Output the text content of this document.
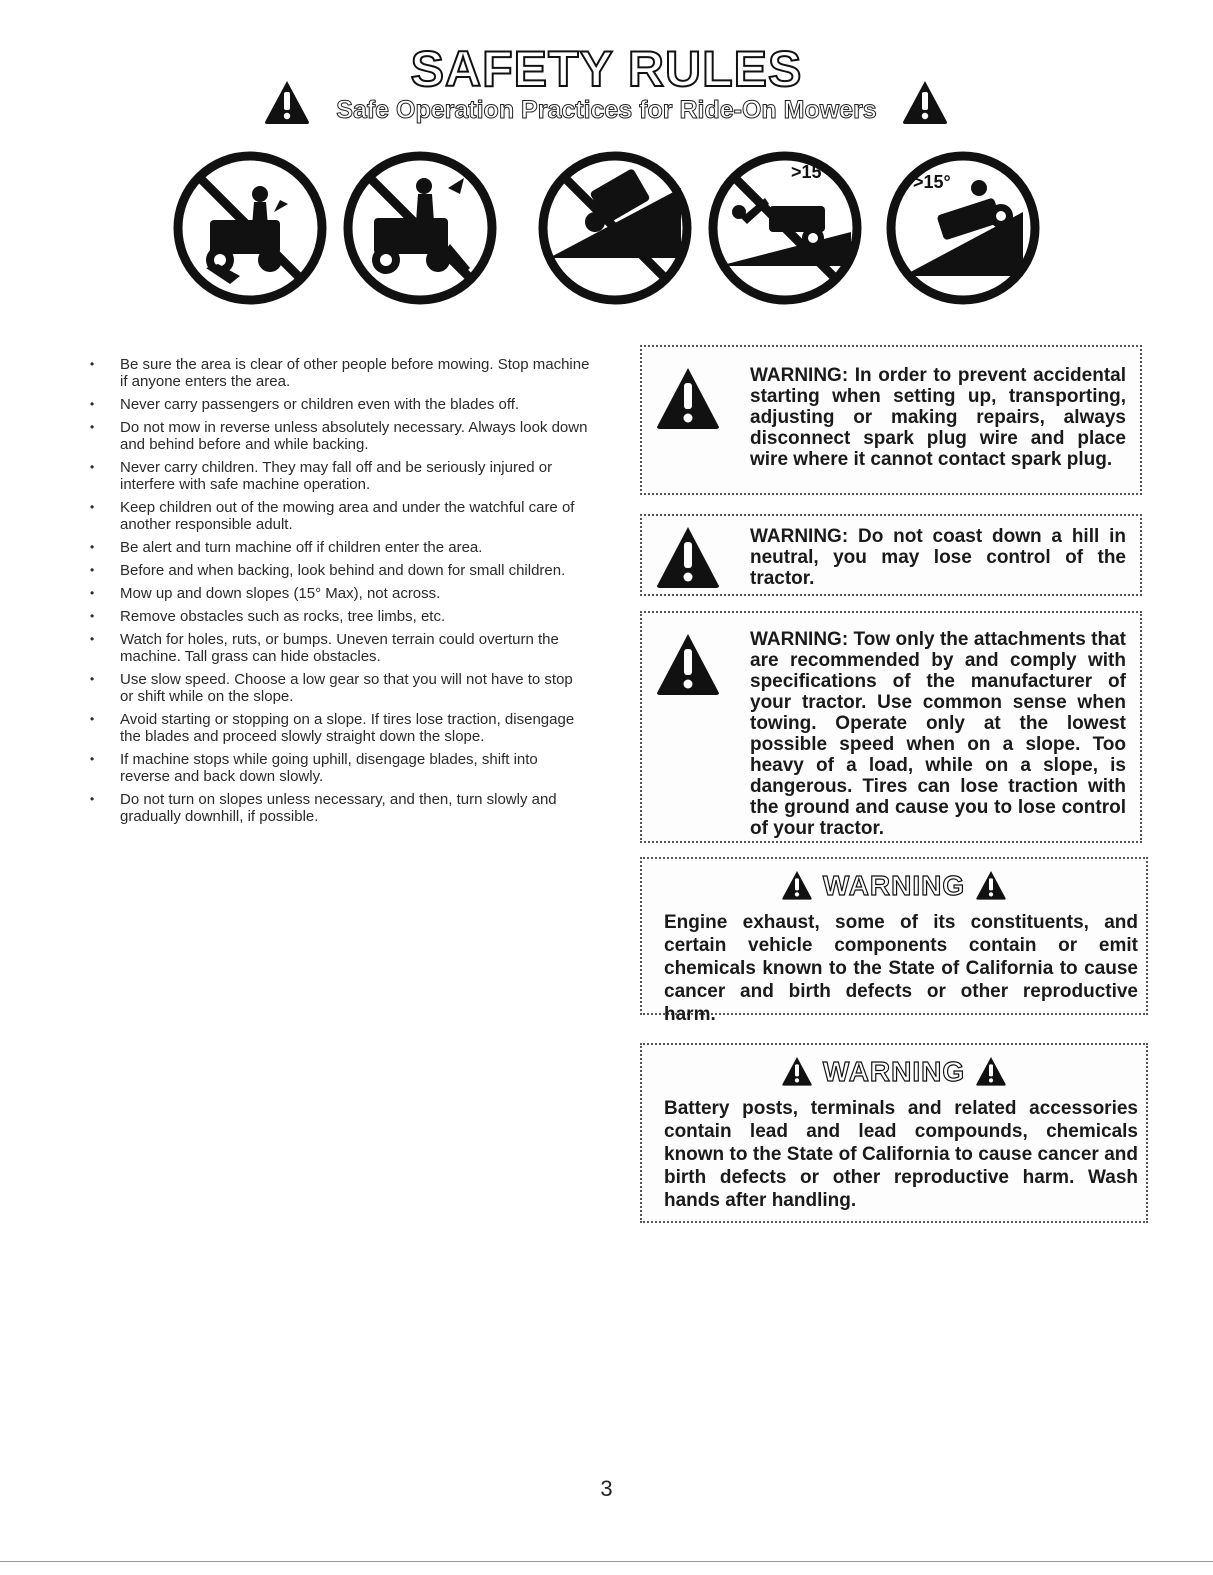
SAFETY RULES
Safe Operation Practices for Ride-On Mowers
>15°	>15°
• Be sure the area is clear of other people before mowing. Stop machine if anyone enters the area.
• Never carry passengers or children even with the blades off.
• Do not mow in reverse unless absolutely necessary. Always look down and behind before and while backing.
• Never carry children. They may fall off and be seriously injured or interfere with safe machine operation.
• Keep children out of the mowing area and under the watchful care of another responsible adult.
• Be alert and turn machine off if children enter the area.
• Before and when backing, look behind and down for small children.
• Mow up and down slopes (15° Max), not across.
• Remove obstacles such as rocks, tree limbs, etc.
• Watch for holes, ruts, or bumps. Uneven terrain could overturn the machine. Tall grass can hide obstacles.
• Use slow speed. Choose a low gear so that you will not have to stop or shift while on the slope.
• Avoid starting or stopping on a slope. If tires lose traction, disengage the blades and proceed slowly straight down the slope.
• If machine stops while going uphill, disengage blades, shift into reverse and back down slowly.
• Do not turn on slopes unless necessary, and then, turn slowly and gradually downhill, if possible.
WARNING: In order to prevent accidental starting when setting up, transporting, adjusting or making repairs, always disconnect spark plug wire and place wire where it cannot contact spark plug.
WARNING: Do not coast down a hill in neutral, you may lose control of the tractor.
WARNING: Tow only the attachments that are recommended by and comply with specifications of the manufacturer of your tractor. Use common sense when towing. Operate only at the lowest possible speed when on a slope. Too heavy of a load, while on a slope, is dangerous. Tires can lose traction with the ground and cause you to lose control of your tractor.
WARNING
Engine exhaust, some of its constituents, and certain vehicle components contain or emit chemicals known to the State of California to cause cancer and birth defects or other reproductive harm.
WARNING
Battery posts, terminals and related accessories contain lead and lead compounds, chemicals known to the State of California to cause cancer and birth defects or other reproductive harm. Wash hands after handling.
3
